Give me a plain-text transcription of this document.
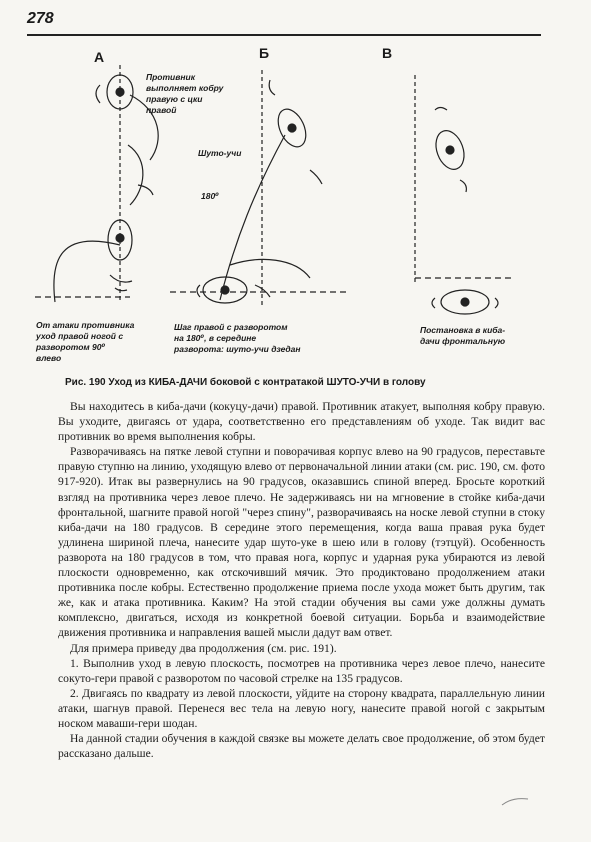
278
А	Б	В
Противник
выполняет кобру
правую с цки
правой
Шуто-учи
180⁰
От атаки противника
уход правой ногой с
разворотом 90⁰
влево
Шаг правой с разворотом
на 180⁰, в середине
разворота: шуто-учи дзедан
Постановка в киба-
дачи фронтальную
Рис. 190 Уход из КИБА-ДАЧИ боковой с контратакой ШУТО-УЧИ в голову

Вы находитесь в киба-дачи (кокуцу-дачи) правой. Противник атакует, выполняя кобру правую. Вы уходите, двигаясь от удара, соответственно его представлениям об уходе. Так видит вас противник во время выполнения кобры.

Разворачиваясь на пятке левой ступни и поворачивая корпус влево на 90 градусов, переставьте правую ступню на линию, уходящую влево от первоначальной линии атаки (см. рис. 190, см. фото 917-920). Итак вы развернулись на 90 градусов, оказавшись спиной вперед. Бросьте короткий взгляд на противника через левое плечо. Не задерживаясь ни на мгновение в стойке киба-дачи фронтальной, шагните правой ногой "через спину", разворачиваясь на носке левой ступни в стоку киба-дачи на 180 градусов. В середине этого перемещения, когда ваша правая рука будет удлинена шириной плеча, нанесите удар шуто-уке в шею или в голову (тэтцуй). Особенность разворота на 180 градусов в том, что правая нога, корпус и ударная рука убираются из левой плоскости одновременно, как отскочивший мячик. Это продиктовано продолжением атаки противника после кобры. Естественно продолжение приема после ухода может быть другим, так же, как и атака противника. Каким? На этой стадии обучения вы сами уже должны думать комплексно, двигаться, исходя из конкретной боевой ситуации. Борьба и взаимодействие движения противника и направления вашей мысли дадут вам ответ.

Для примера приведу два продолжения (см. рис. 191).

1. Выполнив уход в левую плоскость, посмотрев на противника через левое плечо, нанесите сокуто-гери правой с разворотом по часовой стрелке на 135 градусов.

2. Двигаясь по квадрату из левой плоскости, уйдите на сторону квадрата, параллельную линии атаки, шагнув правой. Перенеся вес тела на левую ногу, нанесите правой ногой с закрытым носком маваши-гери шодан.

На данной стадии обучения в каждой связке вы можете делать свое продолжение, об этом будет рассказано дальше.
